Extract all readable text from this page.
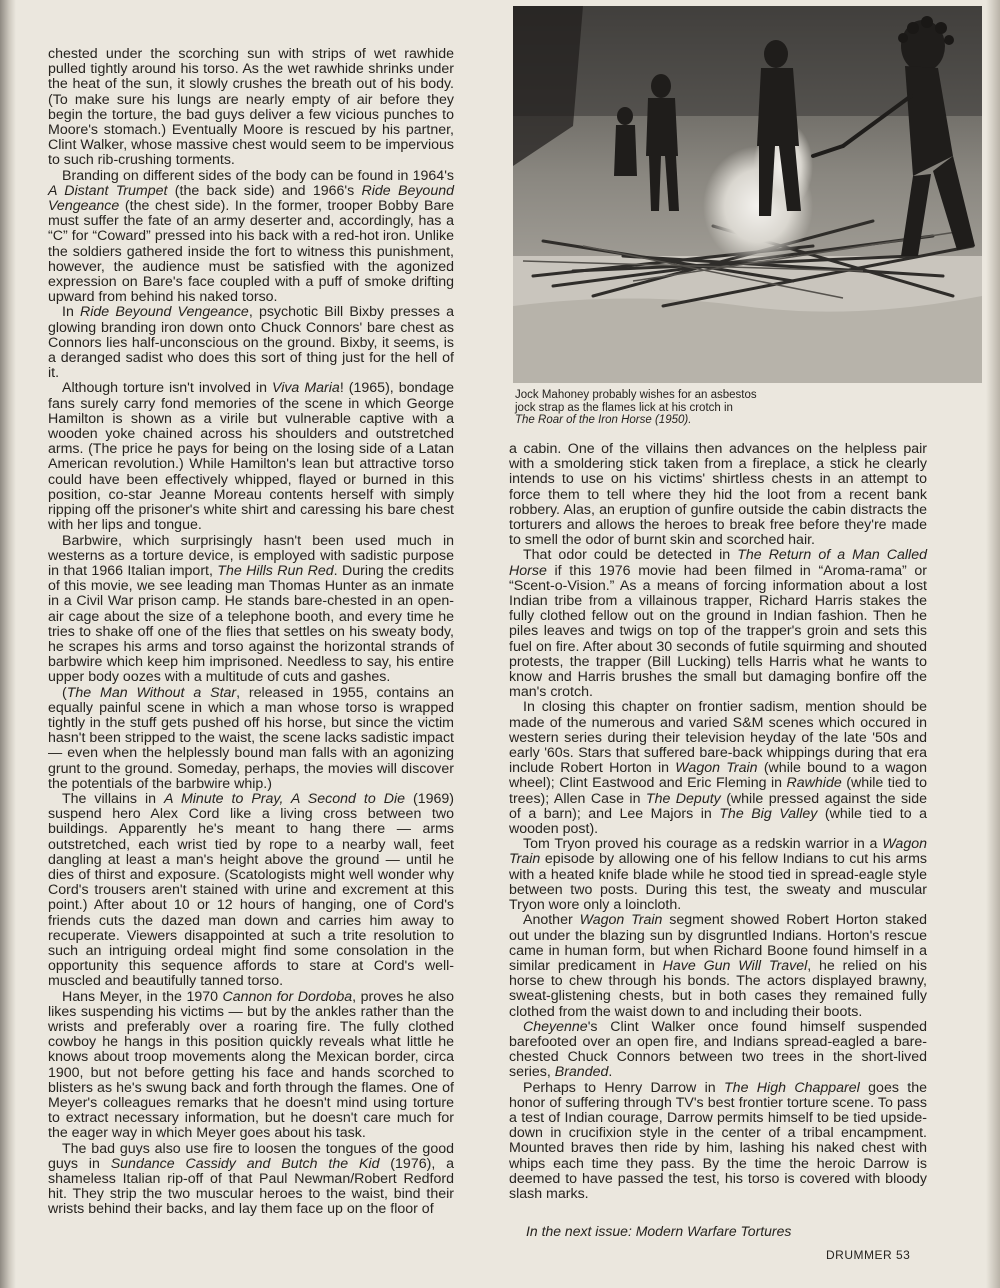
chested under the scorching sun with strips of wet rawhide pulled tightly around his torso. As the wet rawhide shrinks under the heat of the sun, it slowly crushes the breath out of his body. (To make sure his lungs are nearly empty of air before they begin the torture, the bad guys deliver a few vicious punches to Moore's stomach.) Eventually Moore is rescued by his partner, Clint Walker, whose massive chest would seem to be impervious to such rib-crushing torments.

Branding on different sides of the body can be found in 1964's A Distant Trumpet (the back side) and 1966's Ride Beyound Vengeance (the chest side). In the former, trooper Bobby Bare must suffer the fate of an army deserter and, accordingly, has a “C” for “Coward” pressed into his back with a red-hot iron. Unlike the soldiers gathered inside the fort to witness this punishment, however, the audience must be satisfied with the agonized expression on Bare's face coupled with a puff of smoke drifting upward from behind his naked torso.

In Ride Beyound Vengeance, psychotic Bill Bixby presses a glowing branding iron down onto Chuck Connors' bare chest as Connors lies half-unconscious on the ground. Bixby, it seems, is a deranged sadist who does this sort of thing just for the hell of it.

Although torture isn't involved in Viva Maria! (1965), bondage fans surely carry fond memories of the scene in which George Hamilton is shown as a virile but vulnerable captive with a wooden yoke chained across his shoulders and outstretched arms. (The price he pays for being on the losing side of a Latan American revolution.) While Hamilton's lean but attractive torso could have been effectively whipped, flayed or burned in this position, co-star Jeanne Moreau contents herself with simply ripping off the prisoner's white shirt and caressing his bare chest with her lips and tongue.

Barbwire, which surprisingly hasn't been used much in westerns as a torture device, is employed with sadistic purpose in that 1966 Italian import, The Hills Run Red. During the credits of this movie, we see leading man Thomas Hunter as an inmate in a Civil War prison camp. He stands bare-chested in an open-air cage about the size of a telephone booth, and every time he tries to shake off one of the flies that settles on his sweaty body, he scrapes his arms and torso against the horizontal strands of barbwire which keep him imprisoned. Needless to say, his entire upper body oozes with a multitude of cuts and gashes.

(The Man Without a Star, released in 1955, contains an equally painful scene in which a man whose torso is wrapped tightly in the stuff gets pushed off his horse, but since the victim hasn't been stripped to the waist, the scene lacks sadistic impact — even when the helplessly bound man falls with an agonizing grunt to the ground. Someday, perhaps, the movies will discover the potentials of the barbwire whip.)

The villains in A Minute to Pray, A Second to Die (1969) suspend hero Alex Cord like a living cross between two buildings. Apparently he's meant to hang there — arms outstretched, each wrist tied by rope to a nearby wall, feet dangling at least a man's height above the ground — until he dies of thirst and exposure. (Scatologists might well wonder why Cord's trousers aren't stained with urine and excrement at this point.) After about 10 or 12 hours of hanging, one of Cord's friends cuts the dazed man down and carries him away to recuperate. Viewers disappointed at such a trite resolution to such an intriguing ordeal might find some consolation in the opportunity this sequence affords to stare at Cord's well-muscled and beautifully tanned torso.

Hans Meyer, in the 1970 Cannon for Dordoba, proves he also likes suspending his victims — but by the ankles rather than the wrists and preferably over a roaring fire. The fully clothed cowboy he hangs in this position quickly reveals what little he knows about troop movements along the Mexican border, circa 1900, but not before getting his face and hands scorched to blisters as he's swung back and forth through the flames. One of Meyer's colleagues remarks that he doesn't mind using torture to extract necessary information, but he doesn't care much for the eager way in which Meyer goes about his task.

The bad guys also use fire to loosen the tongues of the good guys in Sundance Cassidy and Butch the Kid (1976), a shameless Italian rip-off of that Paul Newman/Robert Redford hit. They strip the two muscular heroes to the waist, bind their wrists behind their backs, and lay them face up on the floor of

Jock Mahoney probably wishes for an asbestos

jock strap as the flames lick at his crotch in

The Roar of the Iron Horse (1950).

a cabin. One of the villains then advances on the helpless pair with a smoldering stick taken from a fireplace, a stick he clearly intends to use on his victims' shirtless chests in an attempt to force them to tell where they hid the loot from a recent bank robbery. Alas, an eruption of gunfire outside the cabin distracts the torturers and allows the heroes to break free before they're made to smell the odor of burnt skin and scorched hair.

That odor could be detected in The Return of a Man Called Horse if this 1976 movie had been filmed in “Aroma-rama” or “Scent-o-Vision.” As a means of forcing information about a lost Indian tribe from a villainous trapper, Richard Harris stakes the fully clothed fellow out on the ground in Indian fashion. Then he piles leaves and twigs on top of the trapper's groin and sets this fuel on fire. After about 30 seconds of futile squirming and shouted protests, the trapper (Bill Lucking) tells Harris what he wants to know and Harris brushes the small but damaging bonfire off the man's crotch.

In closing this chapter on frontier sadism, mention should be made of the numerous and varied S&M scenes which occured in western series during their television heyday of the late '50s and early '60s. Stars that suffered bare-back whippings during that era include Robert Horton in Wagon Train (while bound to a wagon wheel); Clint Eastwood and Eric Fleming in Rawhide (while tied to trees); Allen Case in The Deputy (while pressed against the side of a barn); and Lee Majors in The Big Valley (while tied to a wooden post).

Tom Tryon proved his courage as a redskin warrior in a Wagon Train episode by allowing one of his fellow Indians to cut his arms with a heated knife blade while he stood tied in spread-eagle style between two posts. During this test, the sweaty and muscular Tryon wore only a loincloth.

Another Wagon Train segment showed Robert Horton staked out under the blazing sun by disgruntled Indians. Horton's rescue came in human form, but when Richard Boone found himself in a similar predicament in Have Gun Will Travel, he relied on his horse to chew through his bonds. The actors displayed brawny, sweat-glistening chests, but in both cases they remained fully clothed from the waist down to and including their boots.

Cheyenne's Clint Walker once found himself suspended barefooted over an open fire, and Indians spread-eagled a bare-chested Chuck Connors between two trees in the short-lived series, Branded.

Perhaps to Henry Darrow in The High Chapparel goes the honor of suffering through TV's best frontier torture scene. To pass a test of Indian courage, Darrow permits himself to be tied upside-down in crucifixion style in the center of a tribal encampment. Mounted braves then ride by him, lashing his naked chest with whips each time they pass. By the time the heroic Darrow is deemed to have passed the test, his torso is covered with bloody slash marks.

In the next issue: Modern Warfare Tortures
DRUMMER 53
